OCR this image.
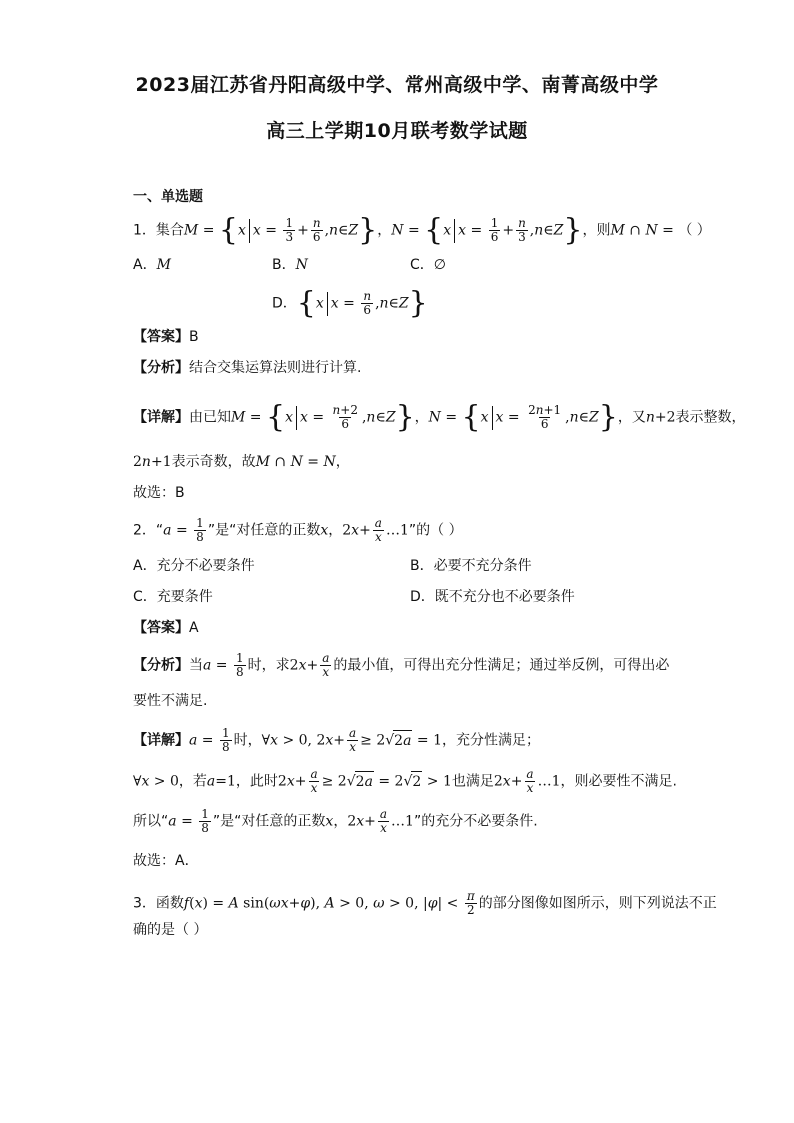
2023届江苏省丹阳高级中学、常州高级中学、南菁高级中学
高三上学期10月联考数学试题
一、单选题
1．集合M = {x $x = \frac{1}{3} + \frac{n}{6}$ ,n∈Z}，N = {x $x = \frac{1}{6} + \frac{n}{3}$ ,n∈Z}，则M ∩ N = （ ）
A．M	B．N	C．∅
D．{x $x = \frac{n}{6}$ ,n∈Z}
【答案】B
【分析】结合交集运算法则进行计算.
【详解】由已知M = {x $x = \frac{n+2}{6}$ ,n∈Z}，N = {x $x = \frac{2n+1}{6}$ ,n∈Z}，又n+2表示整数，
2n+1表示奇数，故M ∩ N = N，
故选：B
2．“$a = \frac{1}{8}$ ”是“对任意的正数x，$2x+ \frac{a}{x}$ …1”的（ ）
A．充分不必要条件	B．必要不充分条件
C．充要条件	D．既不充分也不必要条件
【答案】A
【分析】当$a = \frac{1}{8}$ 时，求$2x+ \frac{a}{x}$ 的最小值，可得出充分性满足；通过举反例，可得出必
要性不满足.
【详解】$a = \frac{1}{8}$ 时，∀x > 0, $2x+ \frac{a}{x} \ge 2√2a = 1$，充分性满足；
∀x > 0，若a=1，此时$2x+ \frac{a}{x} \ge 2√2a = 2√2 > 1$也满足$2x+ \frac{a}{x}$ …1，则必要性不满足.
所以“$a = \frac{1}{8}$ ”是“对任意的正数x，$2x+ \frac{a}{x}$ …1”的充分不必要条件.
故选：A．
3．函数f(x) = A sin(ωx+φ), A > 0, ω > 0, $|\varphi| < \frac{\pi}{2}$ 的部分图像如图所示，则下列说法不正
确的是（ ）
